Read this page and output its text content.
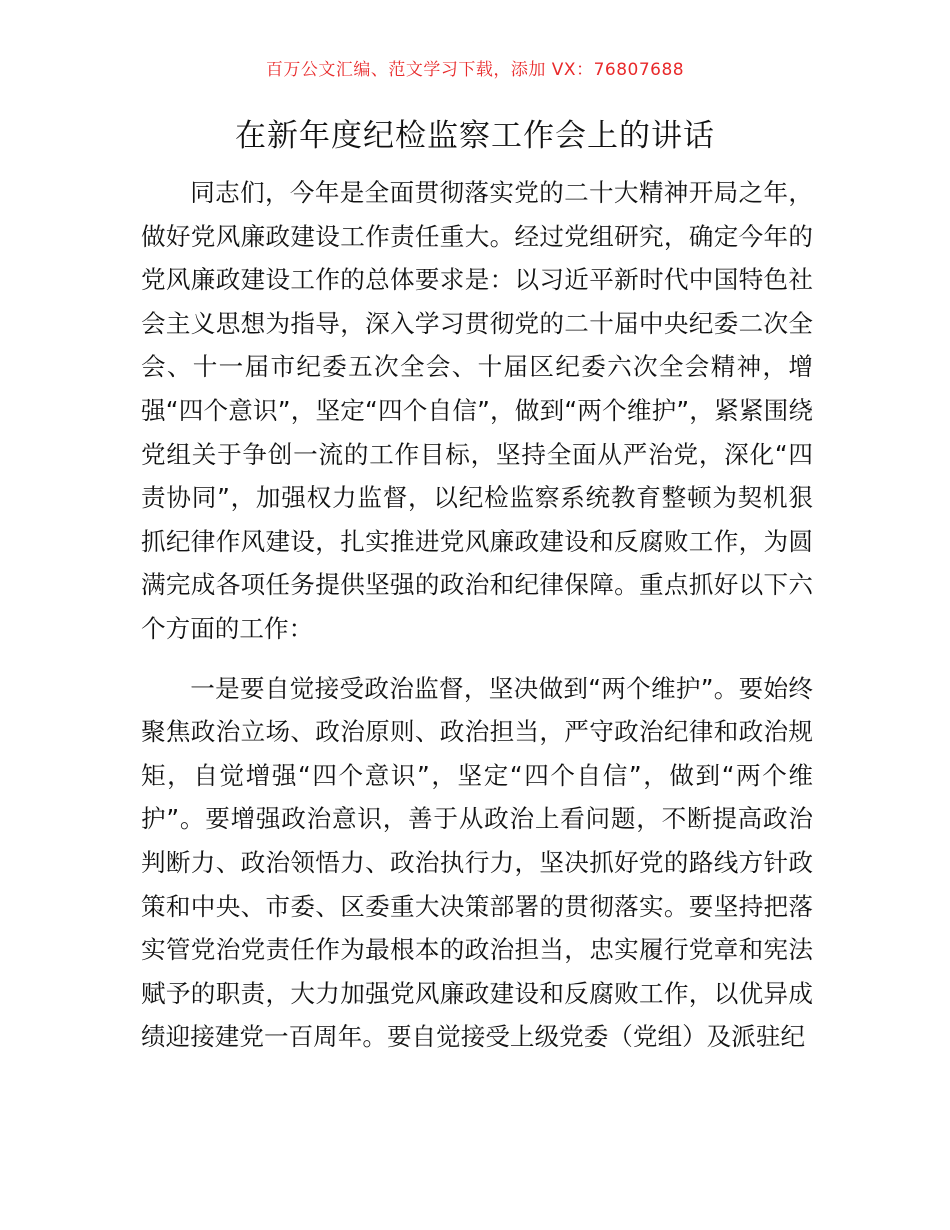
百万公文汇编、范文学习下载，添加 VX：76807688
在新年度纪检监察工作会上的讲话

同志们，今年是全面贯彻落实党的二十大精神开局之年，做好党风廉政建设工作责任重大。经过党组研究，确定今年的党风廉政建设工作的总体要求是：以习近平新时代中国特色社会主义思想为指导，深入学习贯彻党的二十届中央纪委二次全会、十一届市纪委五次全会、十届区纪委六次全会精神，增强“四个意识”，坚定“四个自信”，做到“两个维护”，紧紧围绕党组关于争创一流的工作目标，坚持全面从严治党，深化“四责协同”，加强权力监督，以纪检监察系统教育整顿为契机狠抓纪律作风建设，扎实推进党风廉政建设和反腐败工作，为圆满完成各项任务提供坚强的政治和纪律保障。重点抓好以下六个方面的工作：

一是要自觉接受政治监督，坚决做到“两个维护”。要始终聚焦政治立场、政治原则、政治担当，严守政治纪律和政治规矩，自觉增强“四个意识”，坚定“四个自信”，做到“两个维护”。要增强政治意识，善于从政治上看问题，不断提高政治判断力、政治领悟力、政治执行力，坚决抓好党的路线方针政策和中央、市委、区委重大决策部署的贯彻落实。要坚持把落实管党治党责任作为最根本的政治担当，忠实履行党章和宪法赋予的职责，大力加强党风廉政建设和反腐败工作，以优异成绩迎接建党一百周年。要自觉接受上级党委（党组）及派驻纪
